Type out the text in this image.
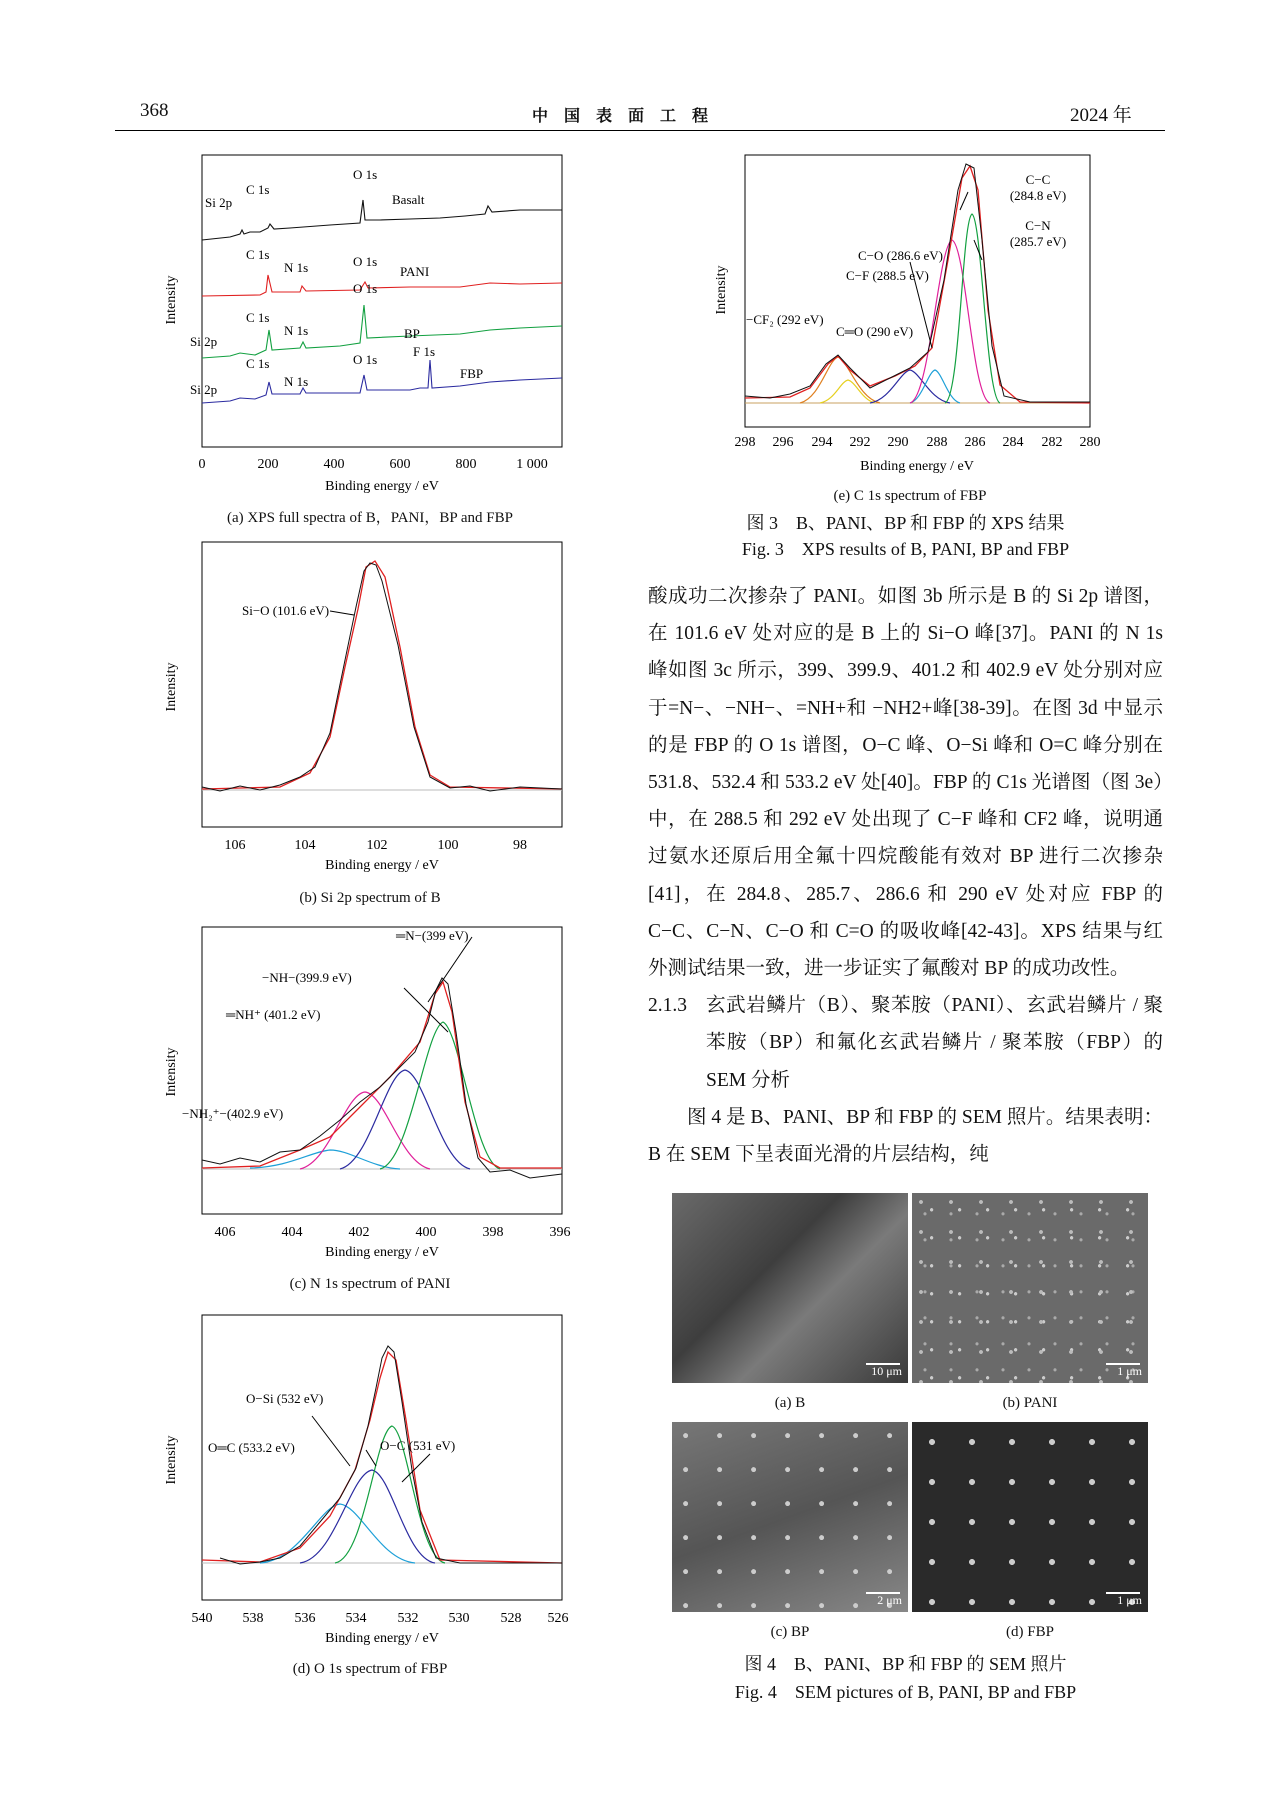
368	中 国 表 面 工 程	2024 年
Intensity
0	200	400	600	800	1 000
Binding energy / eV
Si 2p
C 1s
O 1s
Basalt
C 1s
N 1s	O 1s
PANI
Si 2p
C 1s
N 1s
O 1s
BP
Si 2p
C 1s
N 1s
O 1s
F 1s
FBP
(a) XPS full spectra of B，PANI，BP and FBP
Intensity
Si−O (101.6 eV)
106	104	102	100	98
Binding energy / eV
(b) Si 2p spectrum of B
Intensity
═N−(399 eV)
−NH−(399.9 eV)
═NH⁺ (401.2 eV)
−NH₂⁺−(402.9 eV)
406	404	402	400	398	396
Binding energy / eV
(c) N 1s spectrum of PANI
Intensity
O−Si (532 eV)
O−C (531 eV)
O═C (533.2 eV)
540 538 536 534 532 530 528 526
Binding energy / eV
(d) O 1s spectrum of FBP
Intensity
C−C
(284.8 eV)
C−N
(285.7 eV)
C−O (286.6 eV)
C−F (288.5 eV)
−CF₂ (292 eV)
C═O (290 eV)
298 296 294 292 290 288 286 284 282 280
Binding energy / eV
(e) C 1s spectrum of FBP
图 3　B、PANI、BP 和 FBP 的 XPS 结果
Fig. 3　XPS results of B, PANI, BP and FBP

酸成功二次掺杂了 PANI。如图 3b 所示是 B 的 Si 2p 谱图，在 101.6 eV 处对应的是 B 上的 Si−O 峰[37]。PANI 的 N 1s 峰如图 3c 所示，399、399.9、401.2 和 402.9 eV 处分别对应于=N−、−NH−、=NH+和 −NH2+峰[38-39]。在图 3d 中显示的是 FBP 的 O 1s 谱图，O−C 峰、O−Si 峰和 O=C 峰分别在 531.8、532.4 和 533.2 eV 处[40]。FBP 的 C1s 光谱图（图 3e）中，在 288.5 和 292 eV 处出现了 C−F 峰和 CF2 峰，说明通过氨水还原后用全氟十四烷酸能有效对 BP 进行二次掺杂[41]，在 284.8、285.7、286.6 和 290 eV 处对应 FBP 的 C−C、C−N、C−O 和 C=O 的吸收峰[42-43]。XPS 结果与红外测试结果一致，进一步证实了氟酸对 BP 的成功改性。

2.1.3 玄武岩鳞片（B）、聚苯胺（PANI）、玄武岩鳞片 / 聚苯胺（BP）和氟化玄武岩鳞片 / 聚苯胺（FBP）的 SEM 分析

图 4 是 B、PANI、BP 和 FBP 的 SEM 照片。结果表明：B 在 SEM 下呈表面光滑的片层结构，纯

10 μm	1 μm
(a) B	(b) PANI
2 μm	1 μm
(c) BP	(d) FBP
图 4　B、PANI、BP 和 FBP 的 SEM 照片
Fig. 4　SEM pictures of B, PANI, BP and FBP
